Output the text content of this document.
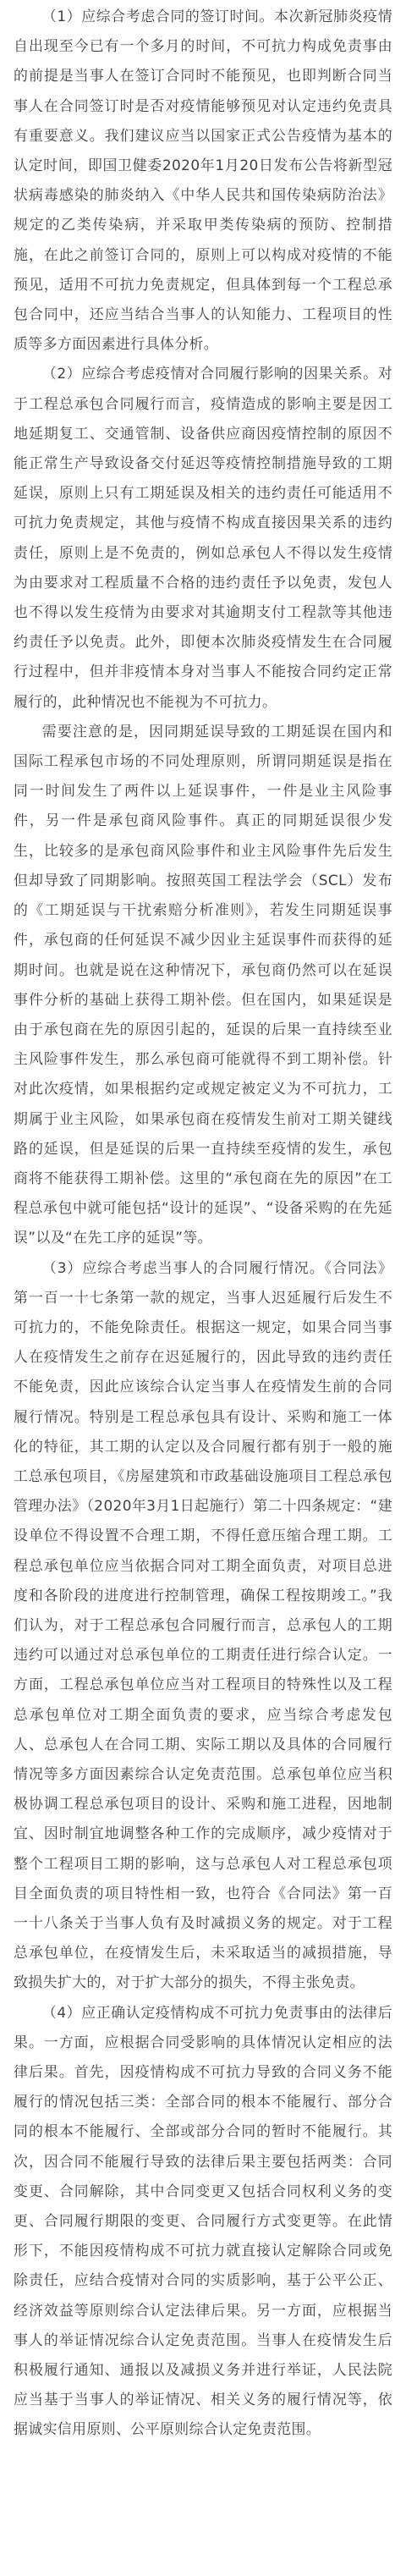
（1）应综合考虑合同的签订时间。本次新冠肺炎疫情自出现至今已有一个多月的时间，不可抗力构成免责事由的前提是当事人在签订合同时不能预见，也即判断合同当事人在合同签订时是否对疫情能够预见对认定违约免责具有重要意义。我们建议应当以国家正式公告疫情为基本的认定时间，即国卫健委2020年1月20日发布公告将新型冠状病毒感染的肺炎纳入《中华人民共和国传染病防治法》规定的乙类传染病，并采取甲类传染病的预防、控制措施，在此之前签订合同的，原则上可以构成对疫情的不能预见，适用不可抗力免责规定，但具体到每一个工程总承包合同中，还应当结合当事人的认知能力、工程项目的性质等多方面因素进行具体分析。

（2）应综合考虑疫情对合同履行影响的因果关系。对于工程总承包合同履行而言，疫情造成的影响主要是因工地延期复工、交通管制、设备供应商因疫情控制的原因不能正常生产导致设备交付延迟等疫情控制措施导致的工期延误，原则上只有工期延误及相关的违约责任可能适用不可抗力免责规定，其他与疫情不构成直接因果关系的违约责任，原则上是不免责的，例如总承包人不得以发生疫情为由要求对工程质量不合格的违约责任予以免责，发包人也不得以发生疫情为由要求对其逾期支付工程款等其他违约责任予以免责。此外，即便本次肺炎疫情发生在合同履行过程中，但并非疫情本身对当事人不能按合同约定正常履行的，此种情况也不能视为不可抗力。

需要注意的是，因同期延误导致的工期延误在国内和国际工程承包市场的不同处理原则，所谓同期延误是指在同一时间发生了两件以上延误事件，一件是业主风险事件，另一件是承包商风险事件。真正的同期延误很少发生，比较多的是承包商风险事件和业主风险事件先后发生但却导致了同期影响。按照英国工程法学会（SCL）发布的《工期延误与干扰索赔分析准则》，若发生同期延误事件，承包商的任何延误不减少因业主延误事件而获得的延期时间。也就是说在这种情况下，承包商仍然可以在延误事件分析的基础上获得工期补偿。但在国内，如果延误是由于承包商在先的原因引起的，延误的后果一直持续至业主风险事件发生，那么承包商可能就得不到工期补偿。针对此次疫情，如果根据约定或规定被定义为不可抗力，工期属于业主风险，如果承包商在疫情发生前对工期关键线路的延误，但是延误的后果一直持续至疫情的发生，承包商将不能获得工期补偿。这里的“承包商在先的原因”在工程总承包中就可能包括“设计的延误”、“设备采购的在先延误”以及“在先工序的延误”等。

（3）应综合考虑当事人的合同履行情况。《合同法》第一百一十七条第一款的规定，当事人迟延履行后发生不可抗力的，不能免除责任。根据这一规定，如果合同当事人在疫情发生之前存在迟延履行的，因此导致的违约责任不能免责，因此应该综合认定当事人在疫情发生前的合同履行情况。特别是工程总承包具有设计、采购和施工一体化的特征，其工期的认定以及合同履行都有别于一般的施工总承包项目，《房屋建筑和市政基础设施项目工程总承包管理办法》（2020年3月1日起施行）第二十四条规定：“建设单位不得设置不合理工期，不得任意压缩合理工期。工程总承包单位应当依据合同对工期全面负责，对项目总进度和各阶段的进度进行控制管理，确保工程按期竣工。”我们认为，对于工程总承包合同履行而言，总承包人的工期违约可以通过对总承包单位的工期责任进行综合认定。一方面，工程总承包单位应当对工程项目的特殊性以及工程总承包单位对工期全面负责的要求，应当综合考虑发包人、总承包人在合同工期、实际工期以及具体的合同履行情况等多方面因素综合认定免责范围。总承包单位应当积极协调工程总承包项目的设计、采购和施工进程，因地制宜、因时制宜地调整各种工作的完成顺序，减少疫情对于整个工程项目工期的影响，这与总承包人对工程总承包项目全面负责的项目特性相一致，也符合《合同法》第一百一十八条关于当事人负有及时减损义务的规定。对于工程总承包单位，在疫情发生后，未采取适当的减损措施，导致损失扩大的，对于扩大部分的损失，不得主张免责。

（4）应正确认定疫情构成不可抗力免责事由的法律后果。一方面，应根据合同受影响的具体情况认定相应的法律后果。首先，因疫情构成不可抗力导致的合同义务不能履行的情况包括三类：全部合同的根本不能履行、部分合同的根本不能履行、全部或部分合同的暂时不能履行。其次，因合同不能履行导致的法律后果主要包括两类：合同变更、合同解除，其中合同变更又包括合同权利义务的变更、合同履行期限的变更、合同履行方式变更等。在此情形下，不能因疫情构成不可抗力就直接认定解除合同或免除责任，应结合疫情对合同的实质影响，基于公平公正、经济效益等原则综合认定法律后果。另一方面，应根据当事人的举证情况综合认定免责范围。当事人在疫情发生后积极履行通知、通报以及减损义务并进行举证，人民法院应当基于当事人的举证情况、相关义务的履行情况等，依据诚实信用原则、公平原则综合认定免责范围。
